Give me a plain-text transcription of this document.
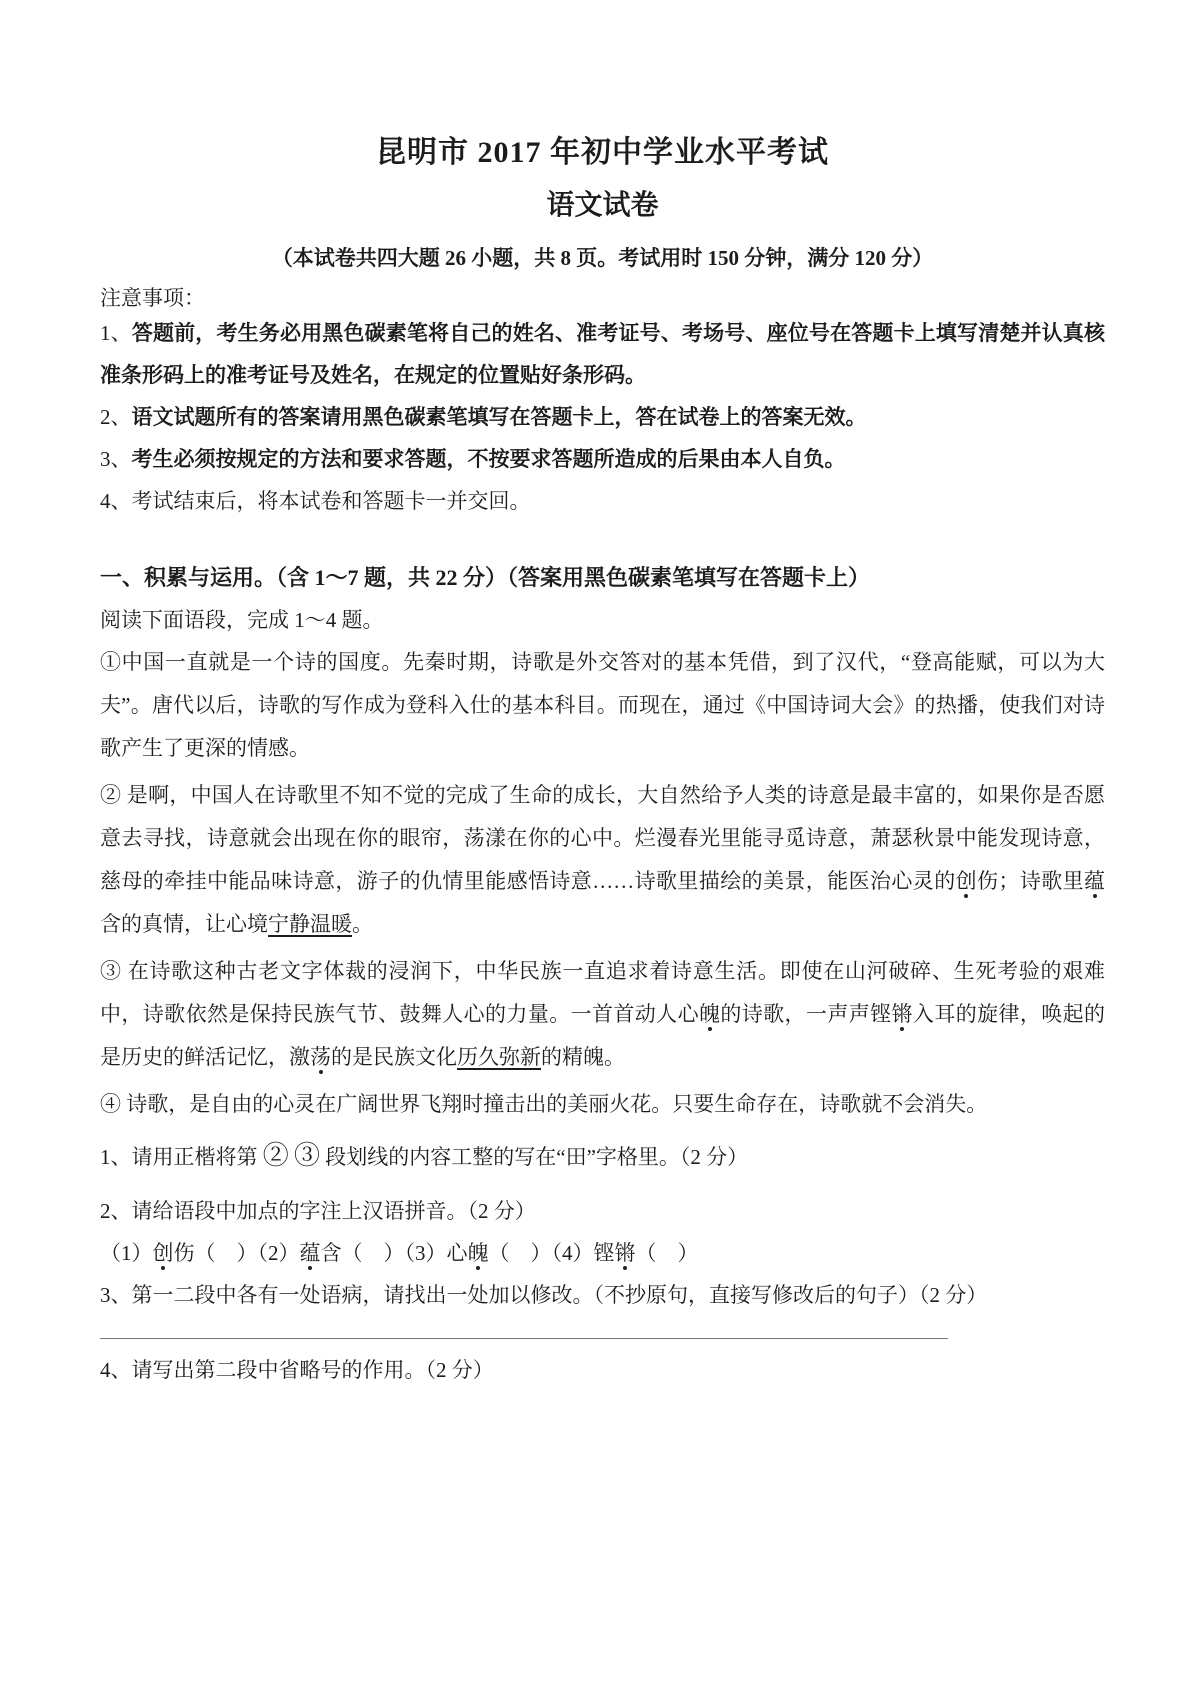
昆明市 2017 年初中学业水平考试
语文试卷
（本试卷共四大题 26 小题，共 8 页。考试用时 150 分钟，满分 120 分）
注意事项：

1、答题前，考生务必用黑色碳素笔将自己的姓名、准考证号、考场号、座位号在答题卡上填写清楚并认真核准条形码上的准考证号及姓名，在规定的位置贴好条形码。

2、语文试题所有的答案请用黑色碳素笔填写在答题卡上，答在试卷上的答案无效。

3、考生必须按规定的方法和要求答题，不按要求答题所造成的后果由本人自负。

4、考试结束后，将本试卷和答题卡一并交回。

一、积累与运用。（含 1～7 题，共 22 分）（答案用黑色碳素笔填写在答题卡上）
阅读下面语段，完成 1～4 题。

①中国一直就是一个诗的国度。先秦时期，诗歌是外交答对的基本凭借，到了汉代，“登高能赋，可以为大夫”。唐代以后，诗歌的写作成为登科入仕的基本科目。而现在，通过《中国诗词大会》的热播，使我们对诗歌产生了更深的情感。

② 是啊，中国人在诗歌里不知不觉的完成了生命的成长，大自然给予人类的诗意是最丰富的，如果你是否愿意去寻找，诗意就会出现在你的眼帘，荡漾在你的心中。烂漫春光里能寻觅诗意，萧瑟秋景中能发现诗意，慈母的牵挂中能品味诗意，游子的仇情里能感悟诗意……诗歌里描绘的美景，能医治心灵的创伤；诗歌里蕴含的真情，让心境宁静温暖。

③ 在诗歌这种古老文字体裁的浸润下，中华民族一直追求着诗意生活。即使在山河破碎、生死考验的艰难中，诗歌依然是保持民族气节、鼓舞人心的力量。一首首动人心魄的诗歌，一声声铿锵入耳的旋律，唤起的是历史的鲜活记忆，激荡的是民族文化历久弥新的精魄。

④ 诗歌，是自由的心灵在广阔世界飞翔时撞击出的美丽火花。只要生命存在，诗歌就不会消失。

1、请用正楷将第 ② ③ 段划线的内容工整的写在“田”字格里。（2 分）

2、请给语段中加点的字注上汉语拼音。（2 分）

（1）创伤（　）（2）蕴含（　）（3）心魄（　）（4）铿锵（　）

3、第一二段中各有一处语病，请找出一处加以修改。（不抄原句，直接写修改后的句子）（2 分）

4、请写出第二段中省略号的作用。（2 分）
